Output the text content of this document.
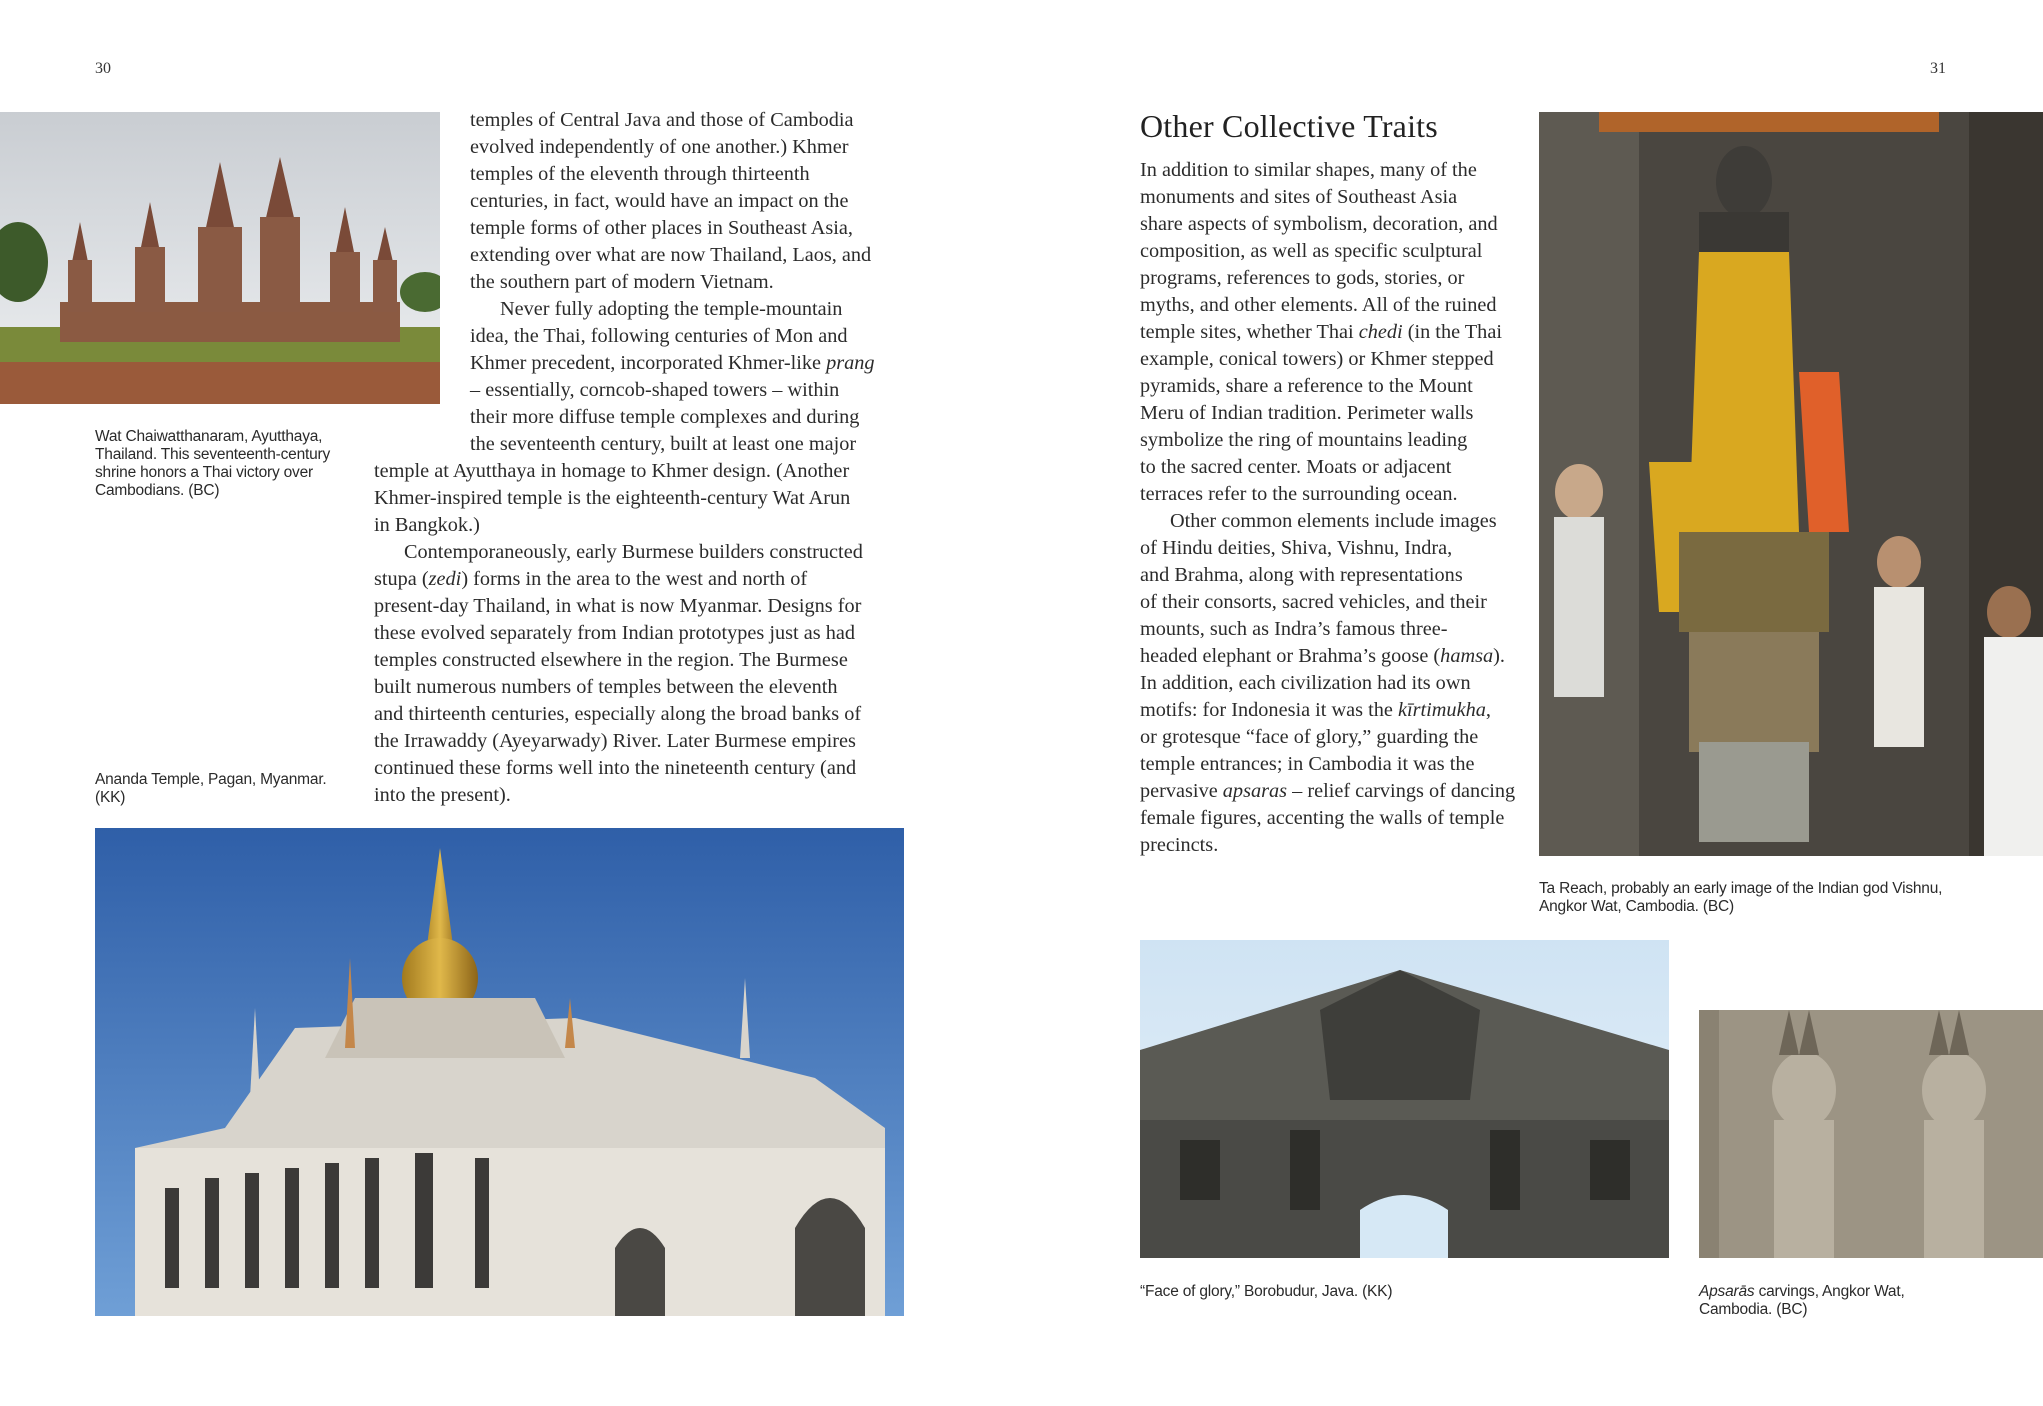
30
Wat Chaiwatthanaram, Ayutthaya,
Thailand. This seventeenth-century
shrine honors a Thai victory over
Cambodians. (BC)
temples of Central Java and those of Cambodia
evolved independently of one another.) Khmer
temples of the eleventh through thirteenth
centuries, in fact, would have an impact on the
temple forms of other places in Southeast Asia,
extending over what are now Thailand, Laos, and
the southern part of modern Vietnam.
Never fully adopting the temple-mountain
idea, the Thai, following centuries of Mon and
Khmer precedent, incorporated Khmer-like prang
– essentially, corncob-shaped towers – within
their more diffuse temple complexes and during
the seventeenth century, built at least one major
temple at Ayutthaya in homage to Khmer design. (Another
Khmer-inspired temple is the eighteenth-century Wat Arun
in Bangkok.)
Contemporaneously, early Burmese builders constructed
stupa (zedi) forms in the area to the west and north of
present-day Thailand, in what is now Myanmar. Designs for
these evolved separately from Indian prototypes just as had
temples constructed elsewhere in the region. The Burmese
built numerous numbers of temples between the eleventh
and thirteenth centuries, especially along the broad banks of
the Irrawaddy (Ayeyarwady) River. Later Burmese empires
continued these forms well into the nineteenth century (and
into the present).
Ananda Temple, Pagan, Myanmar.
(KK)
31
Other Collective Traits
In addition to similar shapes, many of the
monuments and sites of Southeast Asia
share aspects of symbolism, decoration, and
composition, as well as specific sculptural
programs, references to gods, stories, or
myths, and other elements. All of the ruined
temple sites, whether Thai chedi (in the Thai
example, conical towers) or Khmer stepped
pyramids, share a reference to the Mount
Meru of Indian tradition. Perimeter walls
symbolize the ring of mountains leading
to the sacred center. Moats or adjacent
terraces refer to the surrounding ocean.
Other common elements include images
of Hindu deities, Shiva, Vishnu, Indra,
and Brahma, along with representations
of their consorts, sacred vehicles, and their
mounts, such as Indra’s famous three-
headed elephant or Brahma’s goose (hamsa).
In addition, each civilization had its own
motifs: for Indonesia it was the kīrtimukha,
or grotesque “face of glory,” guarding the
temple entrances; in Cambodia it was the
pervasive apsaras – relief carvings of dancing
female figures, accenting the walls of temple
precincts.
Ta Reach, probably an early image of the Indian god Vishnu,
Angkor Wat, Cambodia. (BC)
“Face of glory,” Borobudur, Java. (KK)	Apsarās carvings, Angkor Wat,
Cambodia. (BC)
